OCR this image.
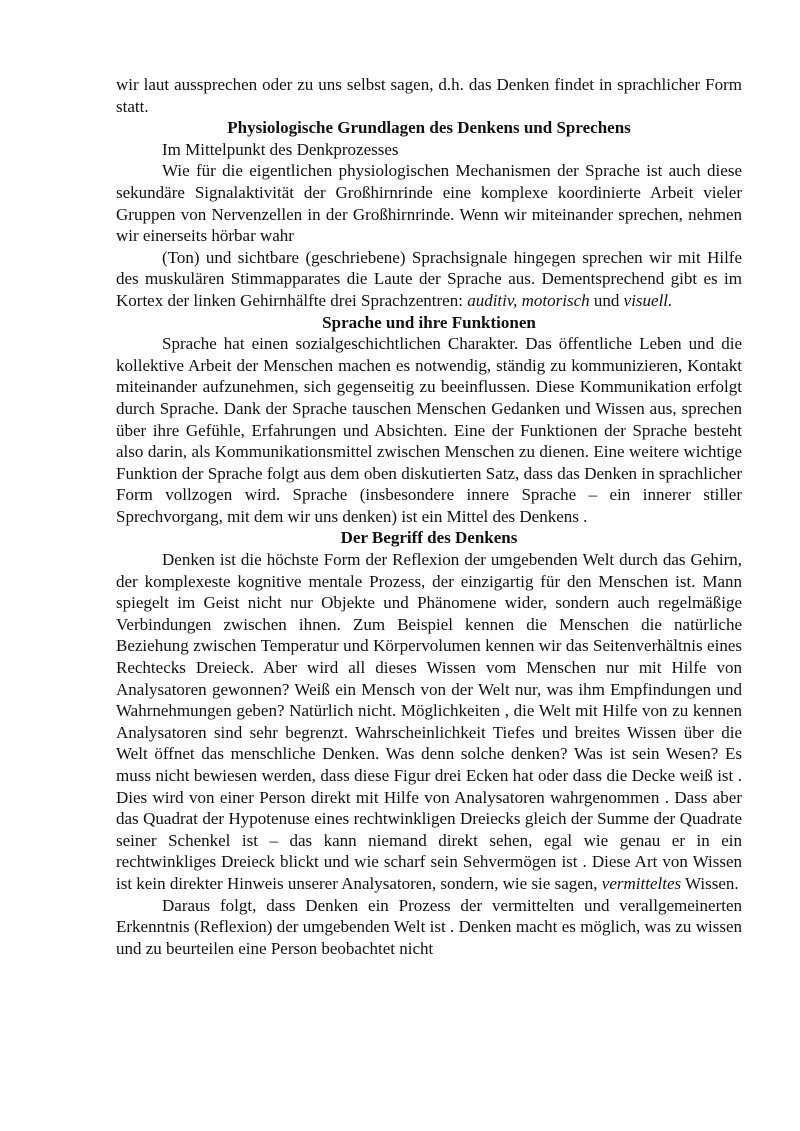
wir laut aussprechen oder zu uns selbst sagen, d.h. das Denken findet in sprachlicher Form statt.

Physiologische Grundlagen des Denkens und Sprechens

Im Mittelpunkt des Denkprozesses

Wie für die eigentlichen physiologischen Mechanismen der Sprache ist auch diese sekundäre Signalaktivität der Großhirnrinde eine komplexe koordinierte Arbeit vieler Gruppen von Nervenzellen in der Großhirnrinde. Wenn wir miteinander sprechen, nehmen wir einerseits hörbar wahr

(Ton) und sichtbare (geschriebene) Sprachsignale hingegen sprechen wir mit Hilfe des muskulären Stimmapparates die Laute der Sprache aus. Dementsprechend gibt es im Kortex der linken Gehirnhälfte drei Sprachzentren: auditiv, motorisch und visuell.

Sprache und ihre Funktionen

Sprache hat einen sozialgeschichtlichen Charakter. Das öffentliche Leben und die kollektive Arbeit der Menschen machen es notwendig, ständig zu kommunizieren, Kontakt miteinander aufzunehmen, sich gegenseitig zu beeinflussen. Diese Kommunikation erfolgt durch Sprache. Dank der Sprache tauschen Menschen Gedanken und Wissen aus, sprechen über ihre Gefühle, Erfahrungen und Absichten. Eine der Funktionen der Sprache besteht also darin, als Kommunikationsmittel zwischen Menschen zu dienen. Eine weitere wichtige Funktion der Sprache folgt aus dem oben diskutierten Satz, dass das Denken in sprachlicher Form vollzogen wird. Sprache (insbesondere innere Sprache – ein innerer stiller Sprechvorgang, mit dem wir uns denken) ist ein Mittel des Denkens .

Der Begriff des Denkens

Denken ist die höchste Form der Reflexion der umgebenden Welt durch das Gehirn, der komplexeste kognitive mentale Prozess, der einzigartig für den Menschen ist. Mann spiegelt im Geist nicht nur Objekte und Phänomene wider, sondern auch regelmäßige Verbindungen zwischen ihnen. Zum Beispiel kennen die Menschen die natürliche Beziehung zwischen Temperatur und Körpervolumen kennen wir das Seitenverhältnis eines Rechtecks Dreieck. Aber wird all dieses Wissen vom Menschen nur mit Hilfe von Analysatoren gewonnen? Weiß ein Mensch von der Welt nur, was ihm Empfindungen und Wahrnehmungen geben? Natürlich nicht. Möglichkeiten , die Welt mit Hilfe von zu kennen Analysatoren sind sehr begrenzt. Wahrscheinlichkeit Tiefes und breites Wissen über die Welt öffnet das menschliche Denken. Was denn solche denken? Was ist sein Wesen? Es muss nicht bewiesen werden, dass diese Figur drei Ecken hat oder dass die Decke weiß ist . Dies wird von einer Person direkt mit Hilfe von Analysatoren wahrgenommen . Dass aber das Quadrat der Hypotenuse eines rechtwinkligen Dreiecks gleich der Summe der Quadrate seiner Schenkel ist – das kann niemand direkt sehen, egal wie genau er in ein rechtwinkliges Dreieck blickt und wie scharf sein Sehvermögen ist . Diese Art von Wissen ist kein direkter Hinweis unserer Analysatoren, sondern, wie sie sagen, vermitteltes Wissen.

Daraus folgt, dass Denken ein Prozess der vermittelten und verallgemeinerten Erkenntnis (Reflexion) der umgebenden Welt ist . Denken macht es möglich, was zu wissen und zu beurteilen eine Person beobachtet nicht
